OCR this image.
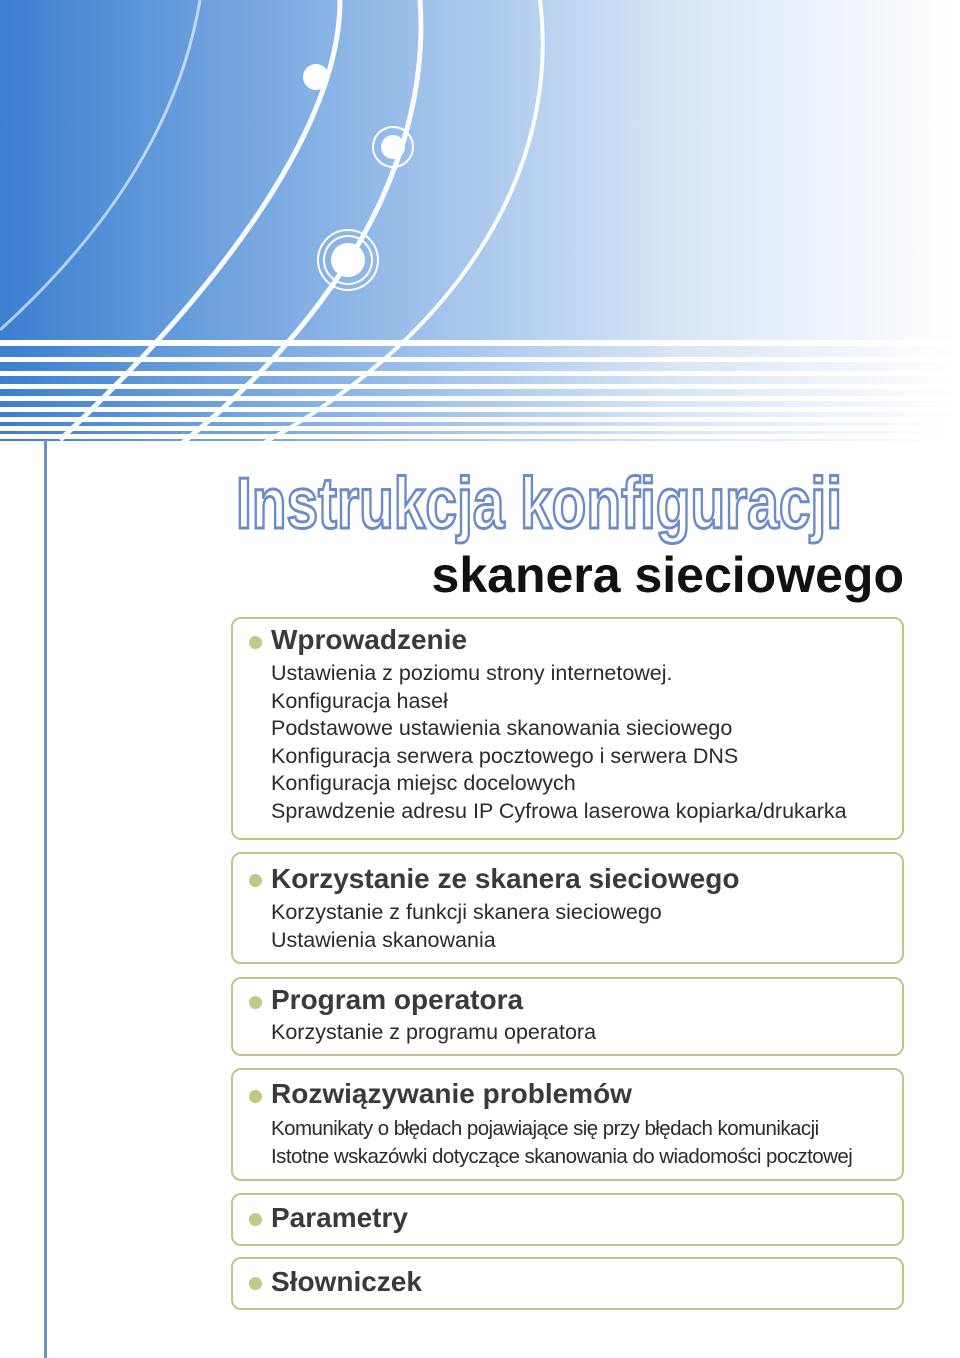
Instrukcja konfiguracji
skanera sieciowego
Wprowadzenie
Ustawienia z poziomu strony internetowej.
Konfiguracja haseł
Podstawowe ustawienia skanowania sieciowego
Konfiguracja serwera pocztowego i serwera DNS
Konfiguracja miejsc docelowych
Sprawdzenie adresu IP Cyfrowa laserowa kopiarka/drukarka
Korzystanie ze skanera sieciowego
Korzystanie z funkcji skanera sieciowego
Ustawienia skanowania
Program operatora
Korzystanie z programu operatora
Rozwiązywanie problemów
Komunikaty o błędach pojawiające się przy błędach komunikacji
Istotne wskazówki dotyczące skanowania do wiadomości pocztowej
Parametry
Słowniczek
